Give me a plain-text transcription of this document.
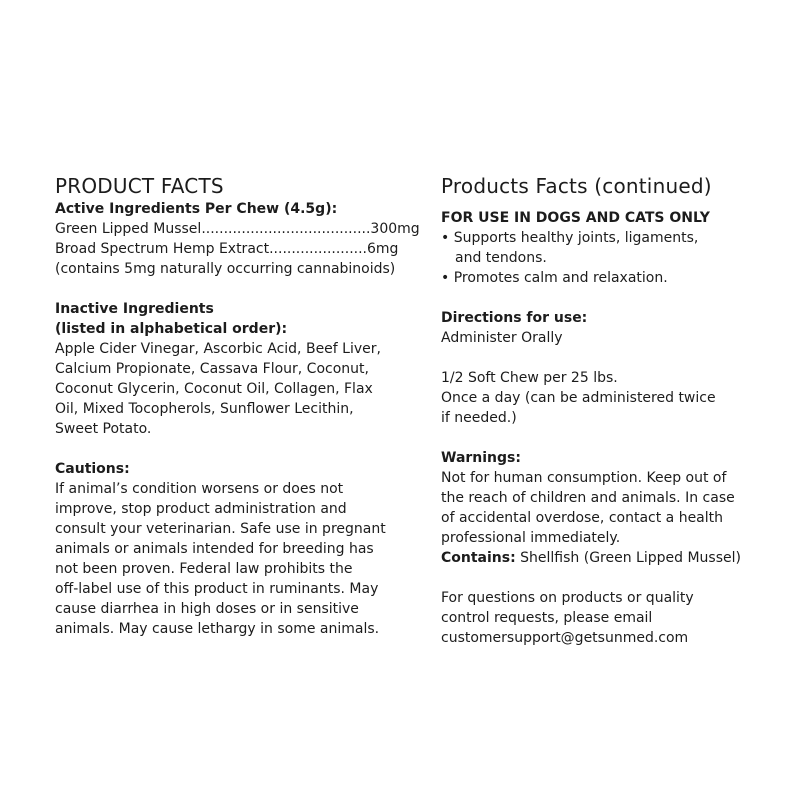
PRODUCT FACTS
Active Ingredients Per Chew (4.5g):
Green Lipped Mussel ...................................... 300mg
Broad Spectrum Hemp Extract .................... ..6mg
(contains 5mg naturally occurring cannabinoids)
Inactive Ingredients
(listed in alphabetical order):
Apple Cider Vinegar, Ascorbic Acid, Beef Liver,
Calcium Propionate, Cassava Flour, Coconut,
Coconut Glycerin, Coconut Oil, Collagen, Flax
Oil, Mixed Tocopherols, Sunflower Lecithin,
Sweet Potato.
Cautions:
If animal’s condition worsens or does not
improve, stop product administration and
consult your veterinarian. Safe use in pregnant
animals or animals intended for breeding has
not been proven. Federal law prohibits the
off-label use of this product in ruminants. May
cause diarrhea in high doses or in sensitive
animals. May cause lethargy in some animals.
Products Facts (continued)
FOR USE IN DOGS AND CATS ONLY
• Supports healthy joints, ligaments,
and tendons.
• Promotes calm and relaxation.
Directions for use:
Administer Orally
1/2 Soft Chew per 25 lbs.
Once a day (can be administered twice
if needed.)
Warnings:
Not for human consumption. Keep out of
the reach of children and animals. In case
of accidental overdose, contact a health
professional immediately.
Contains: Shellfish (Green Lipped Mussel)
For questions on products or quality
control requests, please email
customersupport@getsunmed.com
